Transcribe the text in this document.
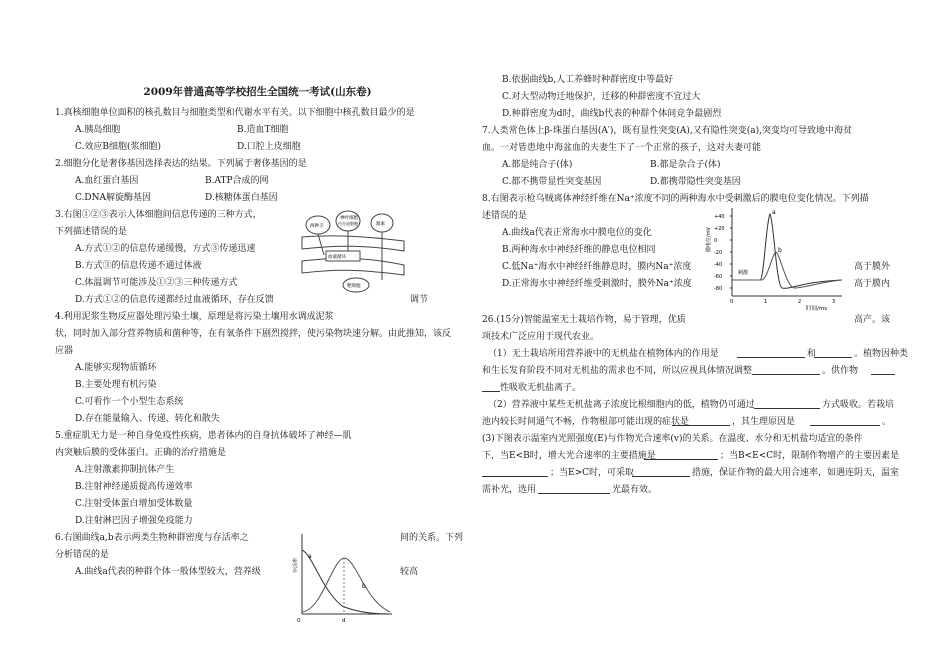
2009年普通高等学校招生全国统一考试(山东卷)
1.真核细胞单位面积的核孔数目与细胞类型和代谢水平有关。以下细胞中核孔数目最少的是
A.胰岛细胞	B.造血T细胞
C.效应B细胞(浆细胞)	D.口腔上皮细胞
2.细胞分化是奢侈基因选择表达的结果。下列属于奢侈基因的是
A.血红蛋白基因	B.ATP合成的网
C.DNA解旋酶基因	D.核糖体蛋白基因
3.右图①②③表示人体细胞间信息传递的三种方式，
下列描述错误的是
A.方式①②的信息传递缓慢，方式③传递迅速
B.方式③的信息传递不通过体液
C.体温调节可能涉及①②③三种传递方式
D.方式①②的信息传递都经过血液循环，存在反馈	调节
4.利用泥浆生物反应器处理污染土壤，原理是将污染土壤用水调成泥浆
状，同时加入部分营养物质和菌种等，在有氧条件下剧烈搅拌，使污染物块速分解。由此推知，该反
应器
A.能够实现物质循环
B.主要处理有机污染
C.可看作一个小型生态系统
D.存在能量输入、传递、转化和散失
5.重症肌无力是一种自身免疫性疾病，患者体内的自身抗体破坏了神经—肌
内突触后膜的受体蛋白。正确的治疗措施是
A.注射激素抑制抗体产生
B.注射神经递质提高传递效率
C.注射受体蛋白增加受体数量
D.注射淋巴因子增强免疫能力
6.右图曲线a,b表示两类生物种群密度与存活率之	间的关系。下列
分析错误的是
A.曲线a代表的种群个体一般体型较大，营养级	较高
B.依据曲线b,人工养蜂时种群密度中等最好
C.对大型动物迁地保护，迁移的种群密度不宜过大
D.种群密度为d时，曲线b代表的种群个体间竞争最剧烈
7.人类常色体上β-珠蛋白基因(A′)，既有显性突变(A),又有隐性突变(a),突变均可导致地中海贫
血。一对皆患地中海盆血的夫妻生下了一个正常的孩子，这对夫妻可能
A.都是纯合子(体)	B.都是杂合子(体)
C.都不携带显性突变基因	D.都携带隐性突变基因
8.右图表示枪乌贼离体神经纤维在Na⁺浓度不同的两种海水中受刺激后的膜电位变化情况。下列描
述错误的是
A.曲线a代表正常海水中膜电位的变化
B.两种海水中神经纤维的静息电位相同
C.低Na⁺海水中神经纤维静息时，膜内Na⁺浓度	高于膜外
D.正常海水中神经纤维受刺激时，膜外Na⁺浓度	高于膜内
26.(15分)智能温室无土栽培作物，易于管理，优质	高产。该
项技术广泛应用于现代农业。
（1）无土栽培所用营养液中的无机盐在植物体内的作用是	和	。植物因种类
和生长发育阶段不同对无机盐的需求也不同，所以应视具体情况调整	。供作物
性吸收无机盐离子。
（2）营养液中某些无机盐离子浓度比根细胞内的低，植物仍可通过	方式吸收。若栽培
池内较长时间通气不畅，作物根部可能出现的症状是	，其生理原因是	。
(3)下图表示温室内光照强度(E)与作物光合速率(v)的关系。在温度、水分和无机盐均适宜的条件
下，当E<B时，增大光合速率的主要措施是	；当B<E<C时，限制作物增产的主要因素是
；当E>C时，可采取	措施，保证作物的最大用合速率，如遇连阴天，温室
需补光，选用	光最有效。
两种卫
神经细胞
内分泌细胞	激素
血液循环
靶细胞
+40
+20
0
-20
-40
-60
-80
0	1	2	3
膜电位/mV
时间/ms
a
b
刺激
存活率
a
b
d
0
